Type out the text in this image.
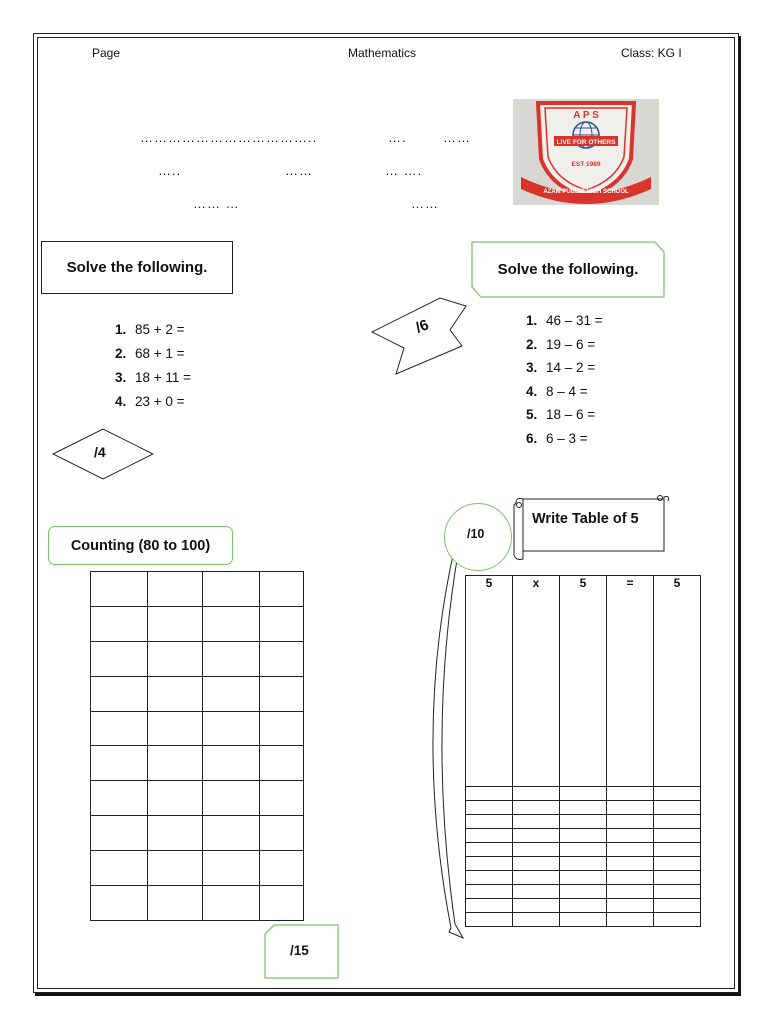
Page	Mathematics	Class: KG I
………………………………..	….	……
…..	……	… ….
…… …	……
A P S
LIVE FOR OTHERS
EST 1989
AZAM PUBLIC HIGH SCHOOL
Solve the following.
1. 85 + 2 =
2. 68 + 1 =
3. 18 + 11 =
4. 23 + 0 =
/4
Solve the following.
/6	1. 46 – 31 =
2. 19 – 6 =
3. 14 – 2 =
4. 8 – 4 =
5. 18 – 6 =
6. 6 – 3 =
Counting (80 to 100)

/15
Write Table of 5
/10
5	x	5	=	5
